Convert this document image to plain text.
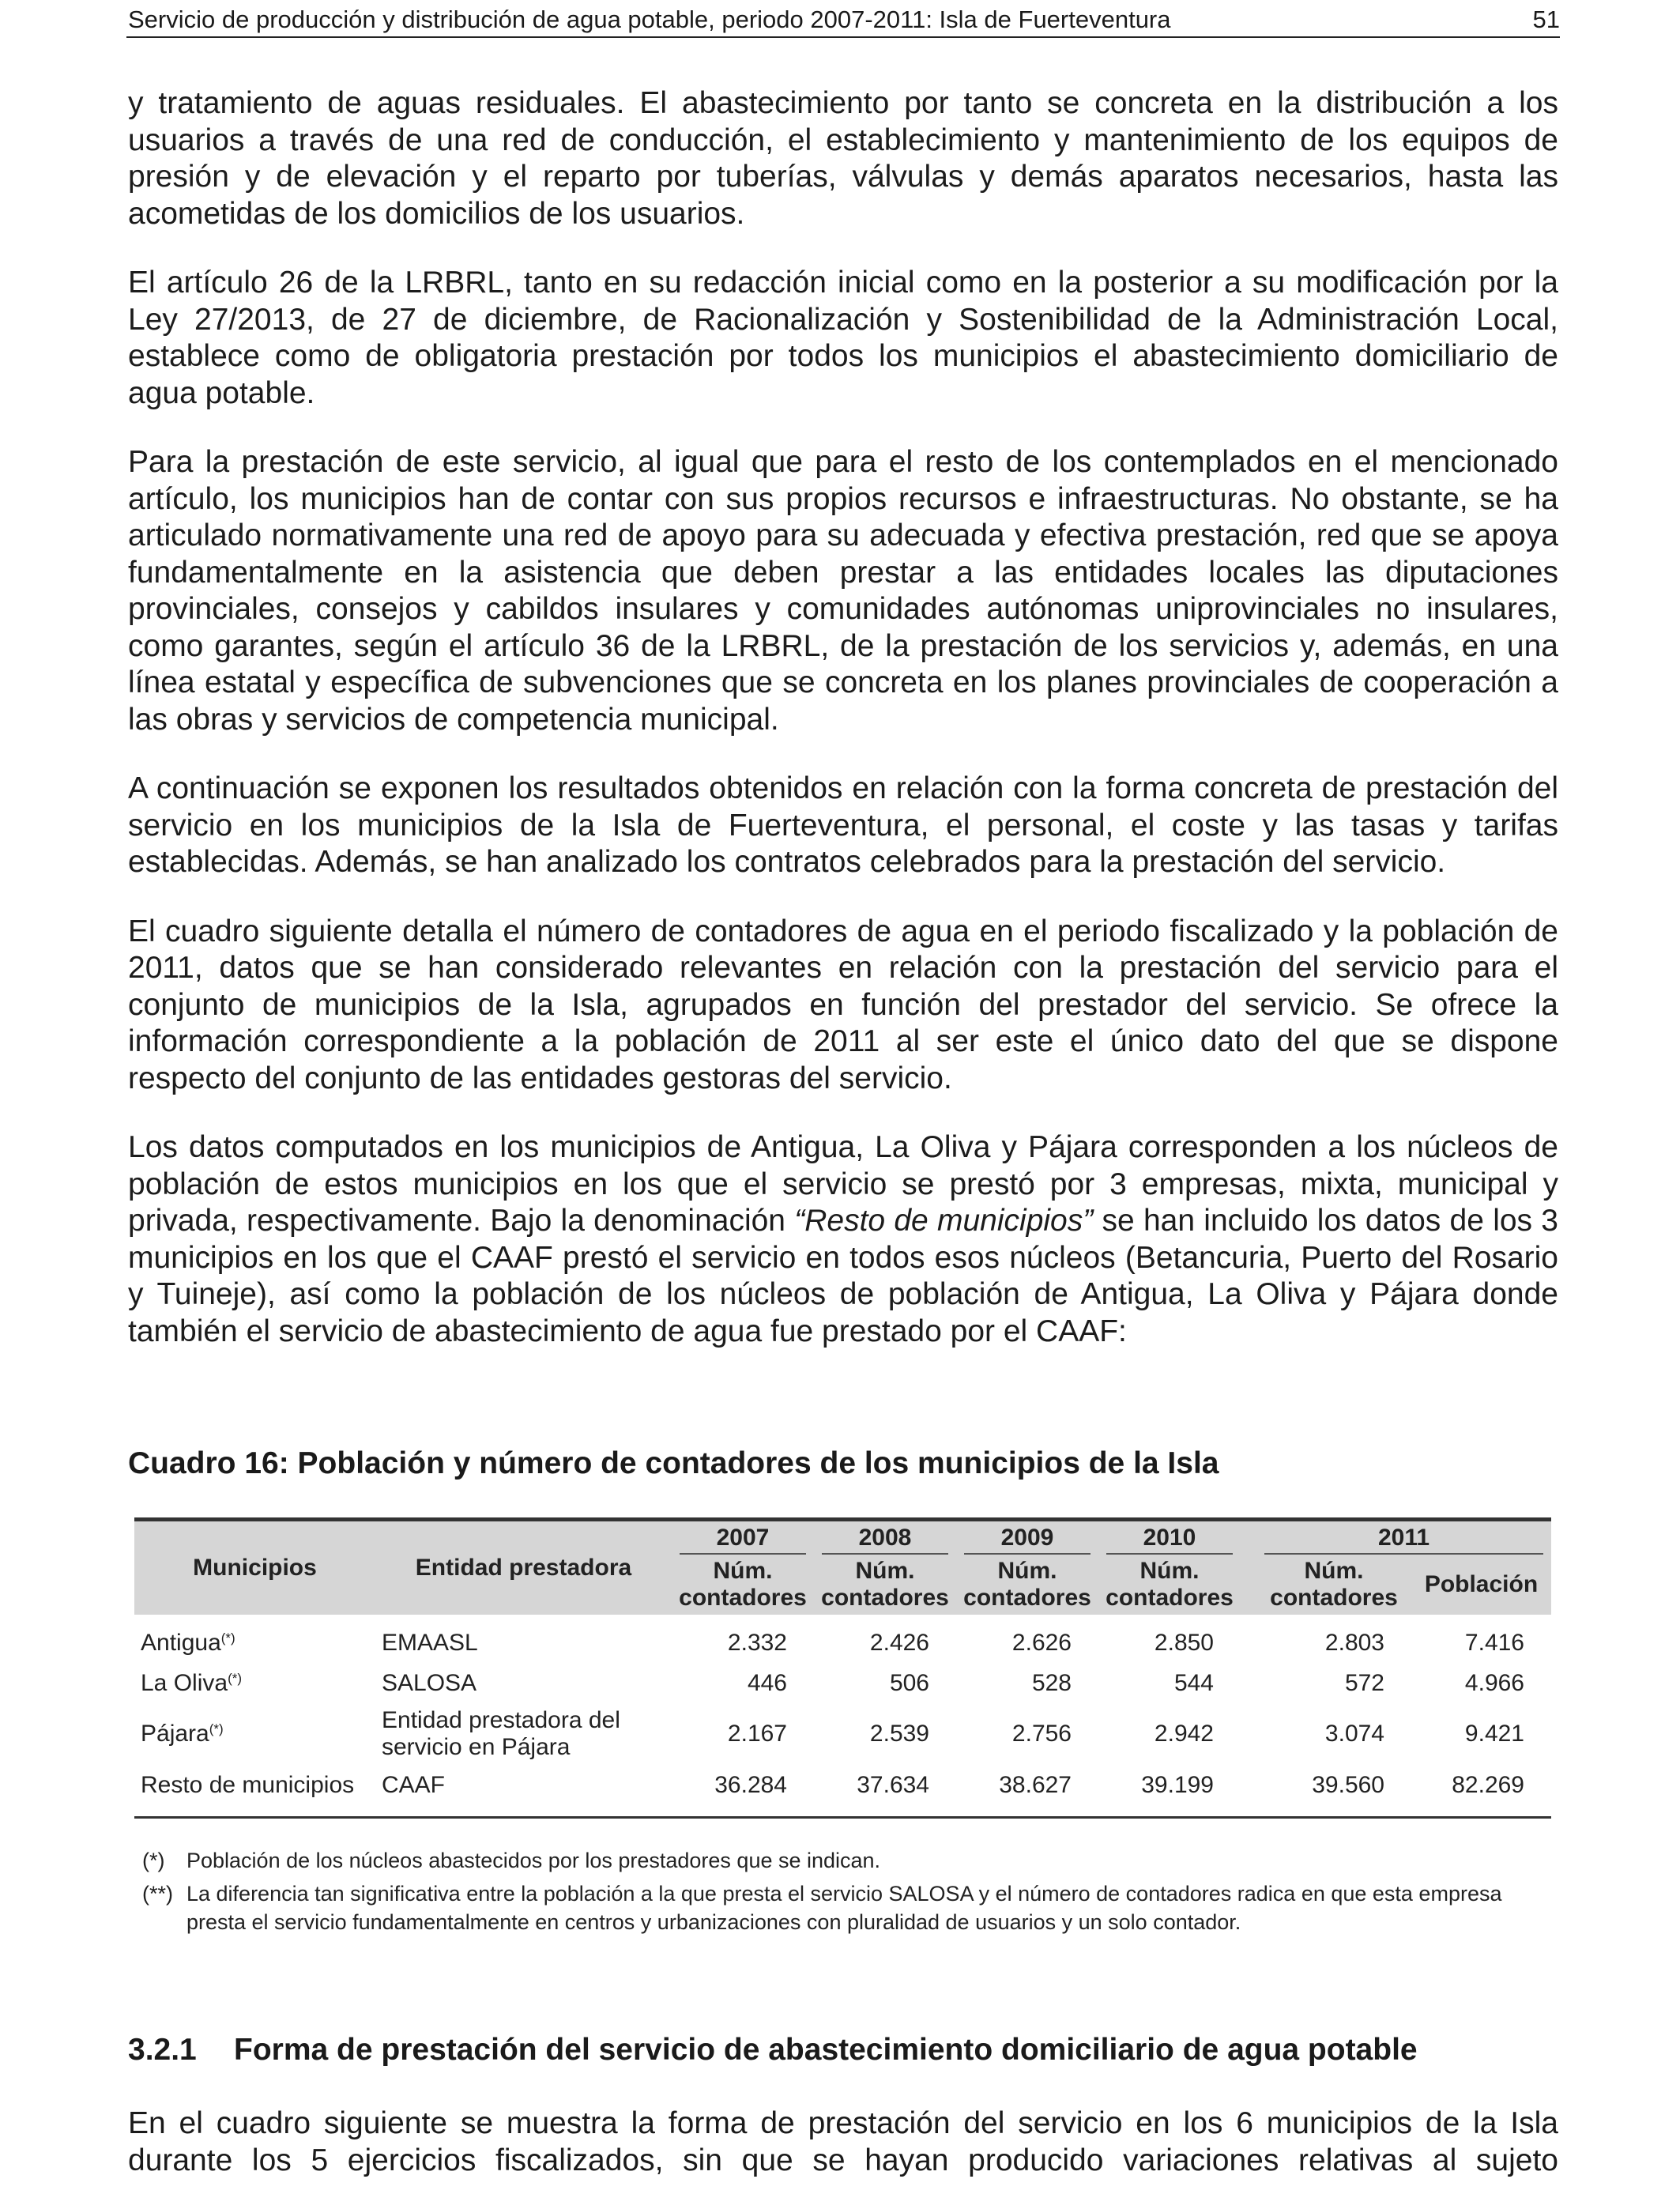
Servicio de producción y distribución de agua potable, periodo 2007-2011: Isla de Fuerteventura	51

y tratamiento de aguas residuales. El abastecimiento por tanto se concreta en la distribución a los usuarios a través de una red de conducción, el establecimiento y mantenimiento de los equipos de presión y de elevación y el reparto por tuberías, válvulas y demás aparatos necesarios, hasta las acometidas de los domicilios de los usuarios.

El artículo 26 de la LRBRL, tanto en su redacción inicial como en la posterior a su modificación por la Ley 27/2013, de 27 de diciembre, de Racionalización y Sostenibilidad de la Administración Local, establece como de obligatoria prestación por todos los municipios el abastecimiento domiciliario de agua potable.

Para la prestación de este servicio, al igual que para el resto de los contemplados en el mencionado artículo, los municipios han de contar con sus propios recursos e infraestructuras. No obstante, se ha articulado normativamente una red de apoyo para su adecuada y efectiva prestación, red que se apoya fundamentalmente en la asistencia que deben prestar a las entidades locales las diputaciones provinciales, consejos y cabildos insulares y comunidades autónomas uniprovinciales no insulares, como garantes, según el artículo 36 de la LRBRL, de la prestación de los servicios y, además, en una línea estatal y específica de subvenciones que se concreta en los planes provinciales de cooperación a las obras y servicios de competencia municipal.

A continuación se exponen los resultados obtenidos en relación con la forma concreta de prestación del servicio en los municipios de la Isla de Fuerteventura, el personal, el coste y las tasas y tarifas establecidas. Además, se han analizado los contratos celebrados para la prestación del servicio.

El cuadro siguiente detalla el número de contadores de agua en el periodo fiscalizado y la población de 2011, datos que se han considerado relevantes en relación con la prestación del servicio para el conjunto de municipios de la Isla, agrupados en función del prestador del servicio. Se ofrece la información correspondiente a la población de 2011 al ser este el único dato del que se dispone respecto del conjunto de las entidades gestoras del servicio.

Los datos computados en los municipios de Antigua, La Oliva y Pájara corresponden a los núcleos de población de estos municipios en los que el servicio se prestó por 3 empresas, mixta, municipal y privada, respectivamente. Bajo la denominación “Resto de municipios” se han incluido los datos de los 3 municipios en los que el CAAF prestó el servicio en todos esos núcleos (Betancuria, Puerto del Rosario y Tuineje), así como la población de los núcleos de población de Antigua, La Oliva y Pájara donde también el servicio de abastecimiento de agua fue prestado por el CAAF:

Cuadro 16: Población y número de contadores de los municipios de la Isla
Municipios	Entidad prestadora	2007	2008	2009	2010		2011	
		Núm.
contadores	Núm.
contadores	Núm.
contadores	Núm.
contadores		Núm.
contadores	Población
Antigua(*)	EMAASL	2.332	2.426	2.626	2.850		2.803	7.416
La Oliva(*)	SALOSA	446	506	528	544		572	4.966
Pájara(*)	Entidad prestadora del
servicio en Pájara	2.167	2.539	2.756	2.942		3.074	9.421
Resto de municipios	CAAF	36.284	37.634	38.627	39.199		39.560	82.269
(*)	Población de los núcleos abastecidos por los prestadores que se indican.
(**) La diferencia tan significativa entre la población a la que presta el servicio SALOSA y el número de contadores radica en que esta empresa presta el servicio fundamentalmente en centros y urbanizaciones con pluralidad de usuarios y un solo contador.
3.2.1 Forma de prestación del servicio de abastecimiento domiciliario de agua potable

En el cuadro siguiente se muestra la forma de prestación del servicio en los 6 municipios de la Isla durante los 5 ejercicios fiscalizados, sin que se hayan producido variaciones relativas al sujeto
